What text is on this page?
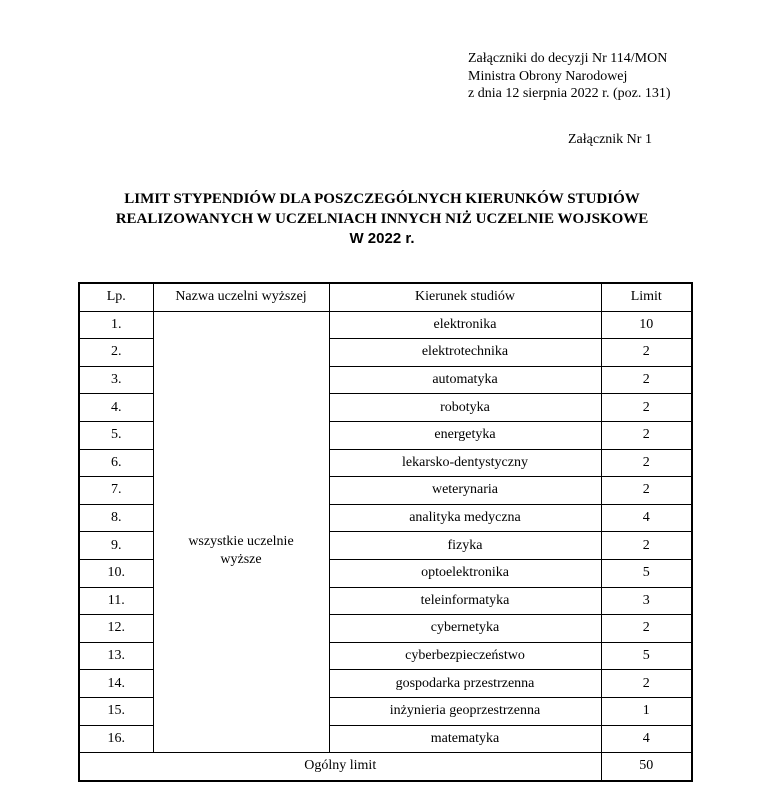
Załączniki do decyzji Nr 114/MON
Ministra Obrony Narodowej
z dnia 12 sierpnia 2022 r. (poz. 131)
Załącznik Nr 1
LIMIT STYPENDIÓW DLA POSZCZEGÓLNYCH KIERUNKÓW STUDIÓW
REALIZOWANYCH W UCZELNIACH INNYCH NIŻ UCZELNIE WOJSKOWE
W 2022 r.
Lp.	Nazwa uczelni wyższej	Kierunek studiów	Limit
1.	wszystkie uczelnie wyższe	elektronika	10
2.		elektrotechnika	2
3.		automatyka	2
4.		robotyka	2
5.		energetyka	2
6.		lekarsko-dentystyczny	2
7.		weterynaria	2
8.		analityka medyczna	4
9.		fizyka	2
10.		optoelektronika	5
11.		teleinformatyka	3
12.		cybernetyka	2
13.		cyberbezpieczeństwo	5
14.		gospodarka przestrzenna	2
15.		inżynieria geoprzestrzenna	1
16.		matematyka	4
Ogólny limit			50
